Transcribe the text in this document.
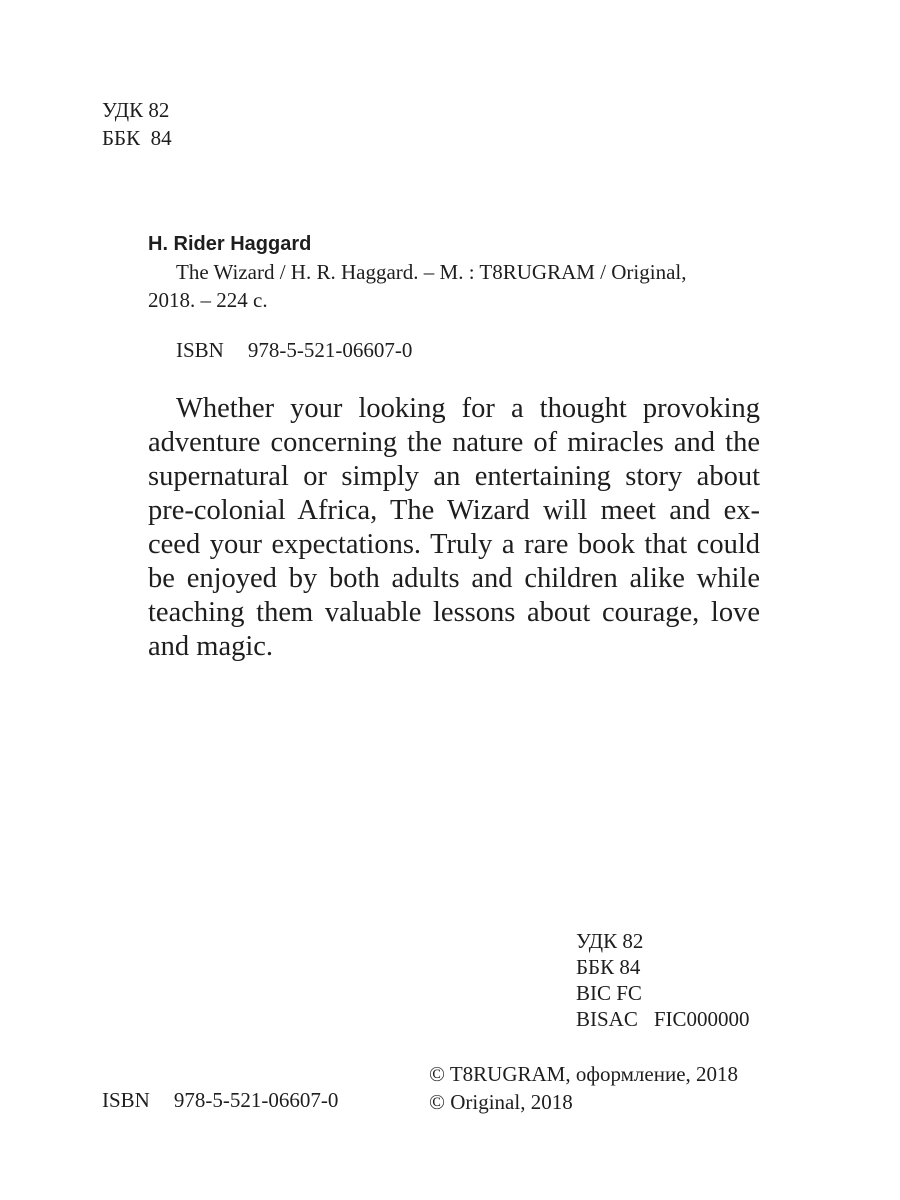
УДК 82
ББК  84
H. Rider Haggard
The Wizard / H. R. Haggard. – M. : T8RUGRAM / Original,
2018. – 224 c.
ISBN 978-5-521-06607-0
Whether your looking for a thought provoking
adventure concerning the nature of miracles and the
supernatural or simply an entertaining story about
pre-colonial Africa, The Wizard will meet and ex-
ceed your expectations. Truly a rare book that could
be enjoyed by both adults and children alike while
teaching them valuable lessons about courage, love
and magic.
УДК 82
ББК 84
BIC FC
BISAC FIC000000
© T8RUGRAM, оформление, 2018
© Original, 2018
ISBN 978-5-521-06607-0
